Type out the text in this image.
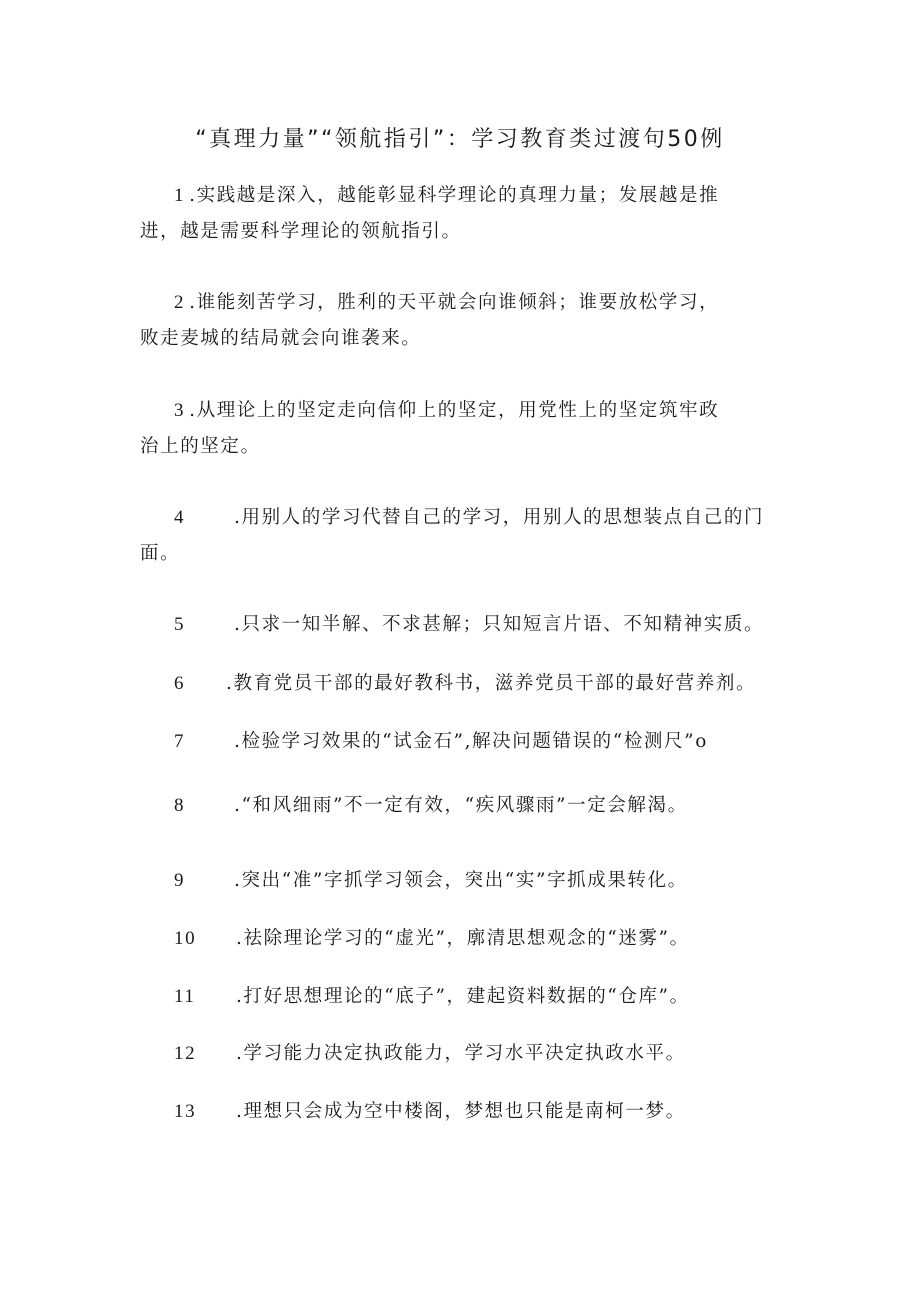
“真理力量”“领航指引”：学习教育类过渡句50例
1 .实践越是深入，越能彰显科学理论的真理力量；发展越是推
进，越是需要科学理论的领航指引。
2 .谁能刻苦学习，胜利的天平就会向谁倾斜；谁要放松学习，
败走麦城的结局就会向谁袭来。
3 .从理论上的坚定走向信仰上的坚定，用党性上的坚定筑牢政
治上的坚定。
4	.用别人的学习代替自己的学习，用别人的思想装点自己的门
面。
5	.只求一知半解、不求甚解；只知短言片语、不知精神实质。
6 .教育党员干部的最好教科书，滋养党员干部的最好营养剂。
7	.检验学习效果的“试金石”,解决问题错误的“检测尺”o
8	.“和风细雨”不一定有效，“疾风骤雨”一定会解渴。
9	.突出“准”字抓学习领会，突出“实”字抓成果转化。
10 .祛除理论学习的“虚光”，廓清思想观念的“迷雾”。
11 .打好思想理论的“底子”，建起资料数据的“仓库”。
12 .学习能力决定执政能力，学习水平决定执政水平。
13 .理想只会成为空中楼阁，梦想也只能是南柯一梦。
